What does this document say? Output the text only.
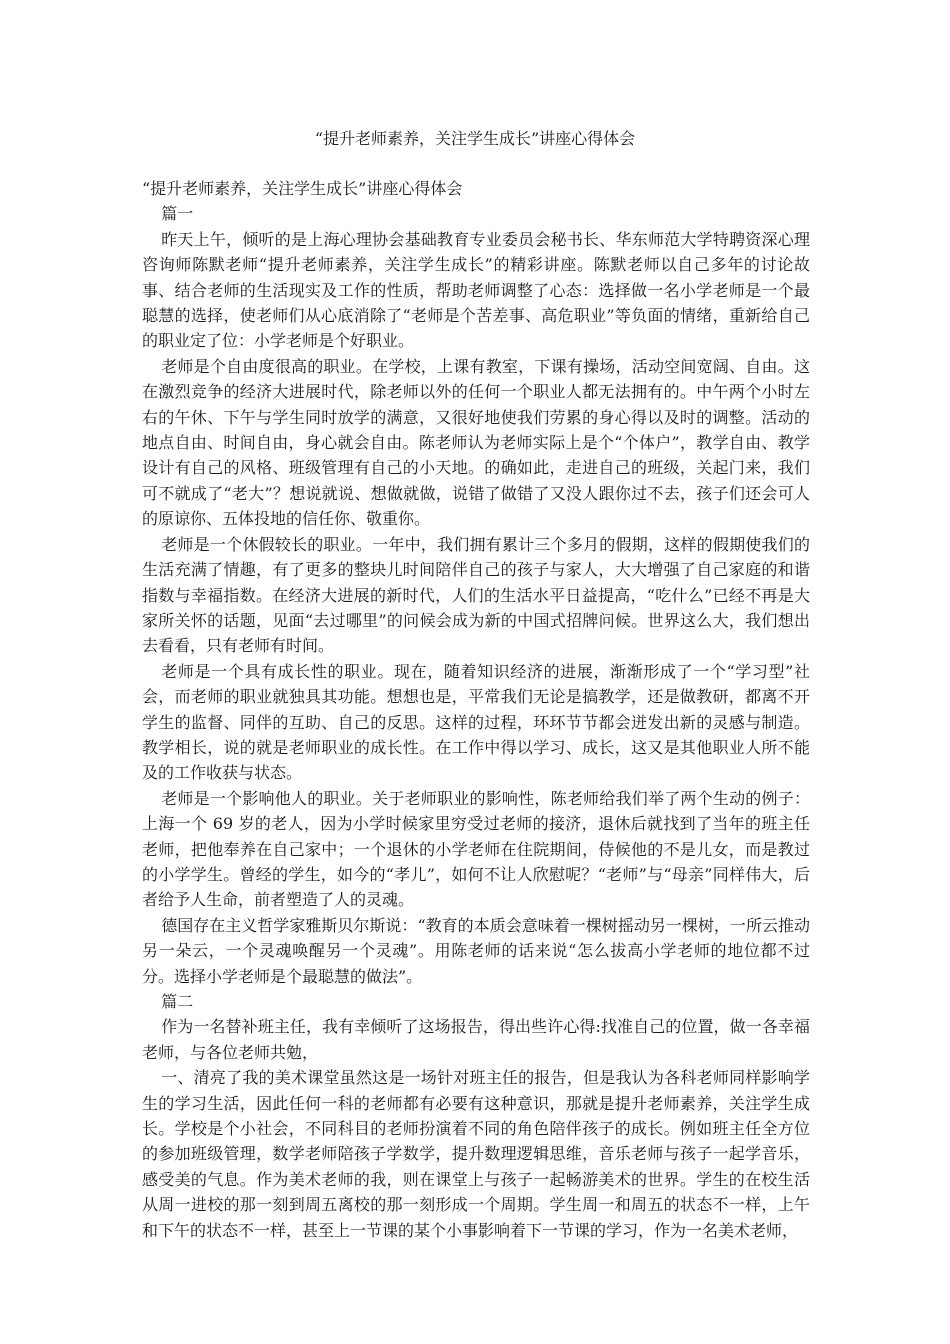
“提升老师素养，关注学生成长”讲座心得体会

“提升老师素养，关注学生成长”讲座心得体会

篇一

昨天上午，倾听的是上海心理协会基础教育专业委员会秘书长、华东师范大学特聘资深心理咨询师陈默老师“提升老师素养，关注学生成长”的精彩讲座。陈默老师以自己多年的讨论故事、结合老师的生活现实及工作的性质，帮助老师调整了心态：选择做一名小学老师是一个最聪慧的选择，使老师们从心底消除了“老师是个苦差事、高危职业”等负面的情绪，重新给自己的职业定了位：小学老师是个好职业。

老师是个自由度很高的职业。在学校，上课有教室，下课有操场，活动空间宽阔、自由。这在激烈竞争的经济大进展时代，除老师以外的任何一个职业人都无法拥有的。中午两个小时左右的午休、下午与学生同时放学的满意，又很好地使我们劳累的身心得以及时的调整。活动的地点自由、时间自由，身心就会自由。陈老师认为老师实际上是个“个体户”，教学自由、教学设计有自己的风格、班级管理有自己的小天地。的确如此，走进自己的班级，关起门来，我们可不就成了“老大”？想说就说、想做就做，说错了做错了又没人跟你过不去，孩子们还会可人的原谅你、五体投地的信任你、敬重你。

老师是一个休假较长的职业。一年中，我们拥有累计三个多月的假期，这样的假期使我们的生活充满了情趣，有了更多的整块儿时间陪伴自己的孩子与家人，大大增强了自己家庭的和谐指数与幸福指数。在经济大进展的新时代，人们的生活水平日益提高，“吃什么”已经不再是大家所关怀的话题，见面“去过哪里”的问候会成为新的中国式招牌问候。世界这么大，我们想出去看看，只有老师有时间。

老师是一个具有成长性的职业。现在，随着知识经济的进展，渐渐形成了一个“学习型”社会，而老师的职业就独具其功能。想想也是，平常我们无论是搞教学，还是做教研，都离不开学生的监督、同伴的互助、自己的反思。这样的过程，环环节节都会迸发出新的灵感与制造。教学相长，说的就是老师职业的成长性。在工作中得以学习、成长，这又是其他职业人所不能及的工作收获与状态。

老师是一个影响他人的职业。关于老师职业的影响性，陈老师给我们举了两个生动的例子：上海一个 69 岁的老人，因为小学时候家里穷受过老师的接济，退休后就找到了当年的班主任老师，把他奉养在自己家中；一个退休的小学老师在住院期间，侍候他的不是儿女，而是教过的小学学生。曾经的学生，如今的“孝儿”，如何不让人欣慰呢？“老师”与“母亲”同样伟大，后者给予人生命，前者塑造了人的灵魂。

德国存在主义哲学家雅斯贝尔斯说：“教育的本质会意味着一棵树摇动另一棵树，一所云推动另一朵云，一个灵魂唤醒另一个灵魂”。用陈老师的话来说“怎么拔高小学老师的地位都不过分。选择小学老师是个最聪慧的做法”。

篇二

作为一名替补班主任，我有幸倾听了这场报告，得出些许心得:找准自己的位置，做一各幸福老师，与各位老师共勉，

一、清亮了我的美术课堂虽然这是一场针对班主任的报告，但是我认为各科老师同样影响学生的学习生活，因此任何一科的老师都有必要有这种意识，那就是提升老师素养，关注学生成长。学校是个小社会，不同科目的老师扮演着不同的角色陪伴孩子的成长。例如班主任全方位的参加班级管理，数学老师陪孩子学数学，提升数理逻辑思维，音乐老师与孩子一起学音乐，感受美的气息。作为美术老师的我，则在课堂上与孩子一起畅游美术的世界。学生的在校生活从周一进校的那一刻到周五离校的那一刻形成一个周期。学生周一和周五的状态不一样，上午和下午的状态不一样，甚至上一节课的某个小事影响着下一节课的学习，作为一名美术老师，
